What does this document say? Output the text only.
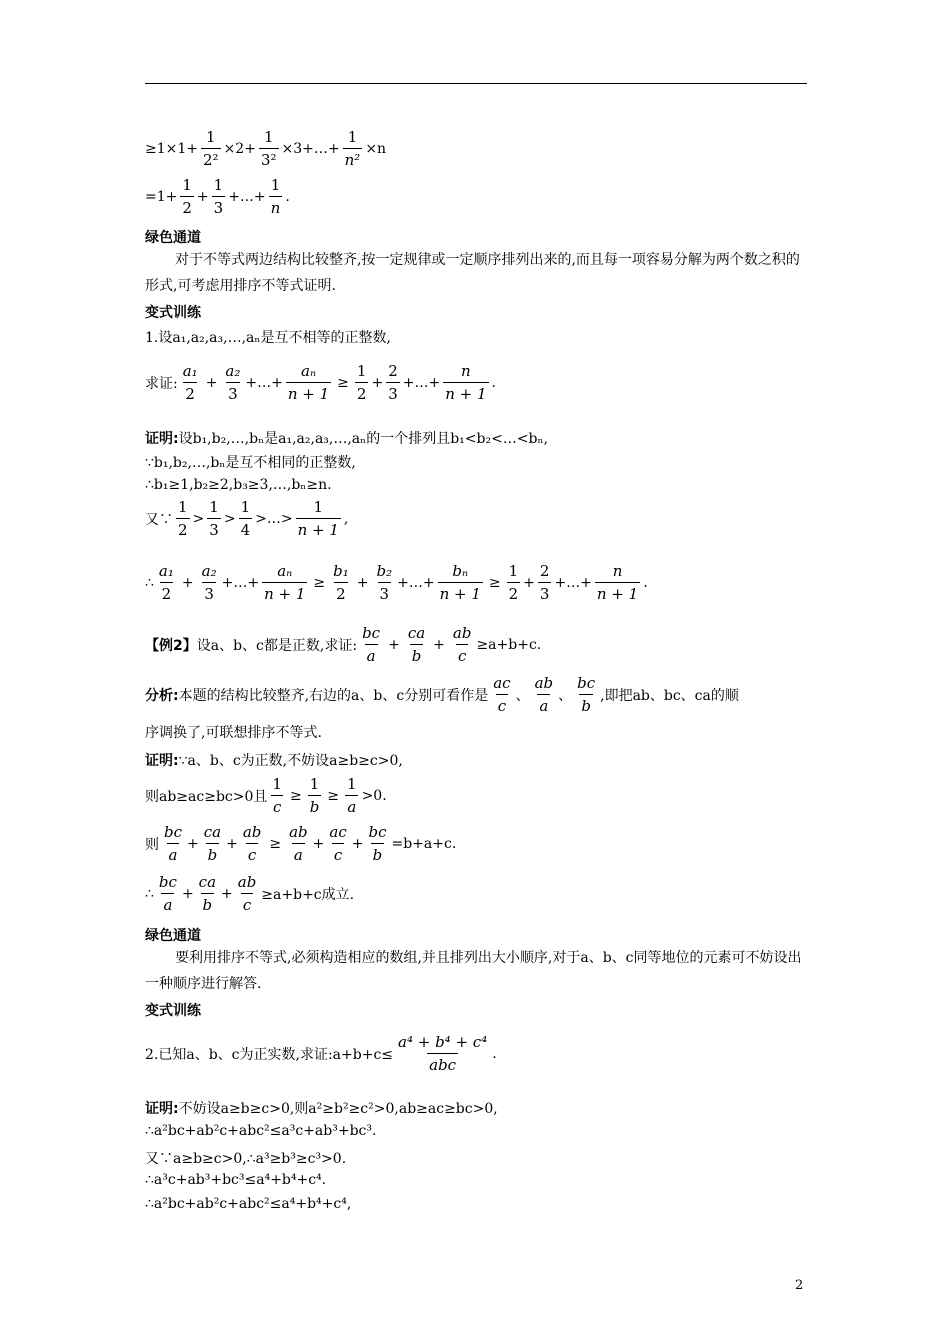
$\ge 1\times 1+ \frac{1}{\text{2²}} \times 2+ \frac{1}{\text{3²}}$ ×3+…+ $\frac{1}{\text{n²}} \times n$
$=1+ \frac{1}{2} + \frac{1}{3}$ +…+ $\frac{1}{n}$ .
绿色通道
对于不等式两边结构比较整齐,按一定规律或一定顺序排列出来的,而且每一项容易分解为两个数之积的形式,可考虑用排序不等式证明.
变式训练
1.设a₁,a₂,a₃,…,aₙ是互不相等的正整数,
求证: $\frac{\text{a₁}}{2} + \frac{\text{a₂}}{3}$ +…+ $\frac{\text{aₙ}}{n + 1} \ge \frac{1}{2} + \frac{2}{3}$ +…+ $\frac{n}{n + 1}$ .
证明: 设b₁,b₂,…,bₙ是a₁,a₂,a₃,…,aₙ的一个排列且b₁<b₂<…<bₙ,
∵b₁,b₂,…,bₙ是互不相同的正整数,
∴b₁≥1,b₂≥2,b₃≥3,…,bₙ≥n.
又∵ $\frac{1}{2} > \frac{1}{3} > \frac{1}{4}$ >…> $\frac{1}{n + 1}$ ,
∴ $\frac{\text{a₁}}{2} + \frac{\text{a₂}}{3}$ +…+ $\frac{\text{aₙ}}{n + 1} \ge \frac{\text{b₁}}{2} + \frac{\text{b₂}}{3}$ +…+ $\frac{\text{bₙ}}{n + 1} \ge \frac{1}{2} + \frac{2}{3}$ +…+ $\frac{n}{n + 1}$ .
【例2】 设a、b、c都是正数,求证: $\frac{bc}{a} + \frac{ca}{b} + \frac{ab}{c} \ge a+b+c$.
分析: 本题的结构比较整齐,右边的a、b、c分别可看作是 $\frac{ac}{c}$ 、 $\frac{ab}{a}$ 、 $\frac{bc}{b}$ ,即把ab、bc、ca的顺
序调换了,可联想排序不等式.
证明: ∵a、b、c为正数,不妨设a≥b≥c>0,
则ab≥ac≥bc>0且 $\frac{1}{c} \ge \frac{1}{b} \ge \frac{1}{a} >0$.
则 $\frac{bc}{a} + \frac{ca}{b} + \frac{ab}{c} \ge \frac{ab}{a} + \frac{ac}{c} + \frac{bc}{b} =b+a+c$.
∴ $\frac{bc}{a} + \frac{ca}{b} + \frac{ab}{c} \ge a+b+c$成立.
绿色通道
要利用排序不等式,必须构造相应的数组,并且排列出大小顺序,对于a、b、c同等地位的元素可不妨设出一种顺序进行解答.
变式训练
2.已知a、b、c为正实数,求证:a+b+c≤ $\frac{\text{a⁴ + b⁴ + c⁴}}{\text{abc}}$ .
证明: 不妨设a≥b≥c>0,则a²≥b²≥c²>0,ab≥ac≥bc>0,
∴a²bc+ab²c+abc²≤a³c+ab³+bc³.
又∵a≥b≥c>0,∴a³≥b³≥c³>0.
∴a³c+ab³+bc³≤a⁴+b⁴+c⁴.
∴a²bc+ab²c+abc²≤a⁴+b⁴+c⁴,
2
